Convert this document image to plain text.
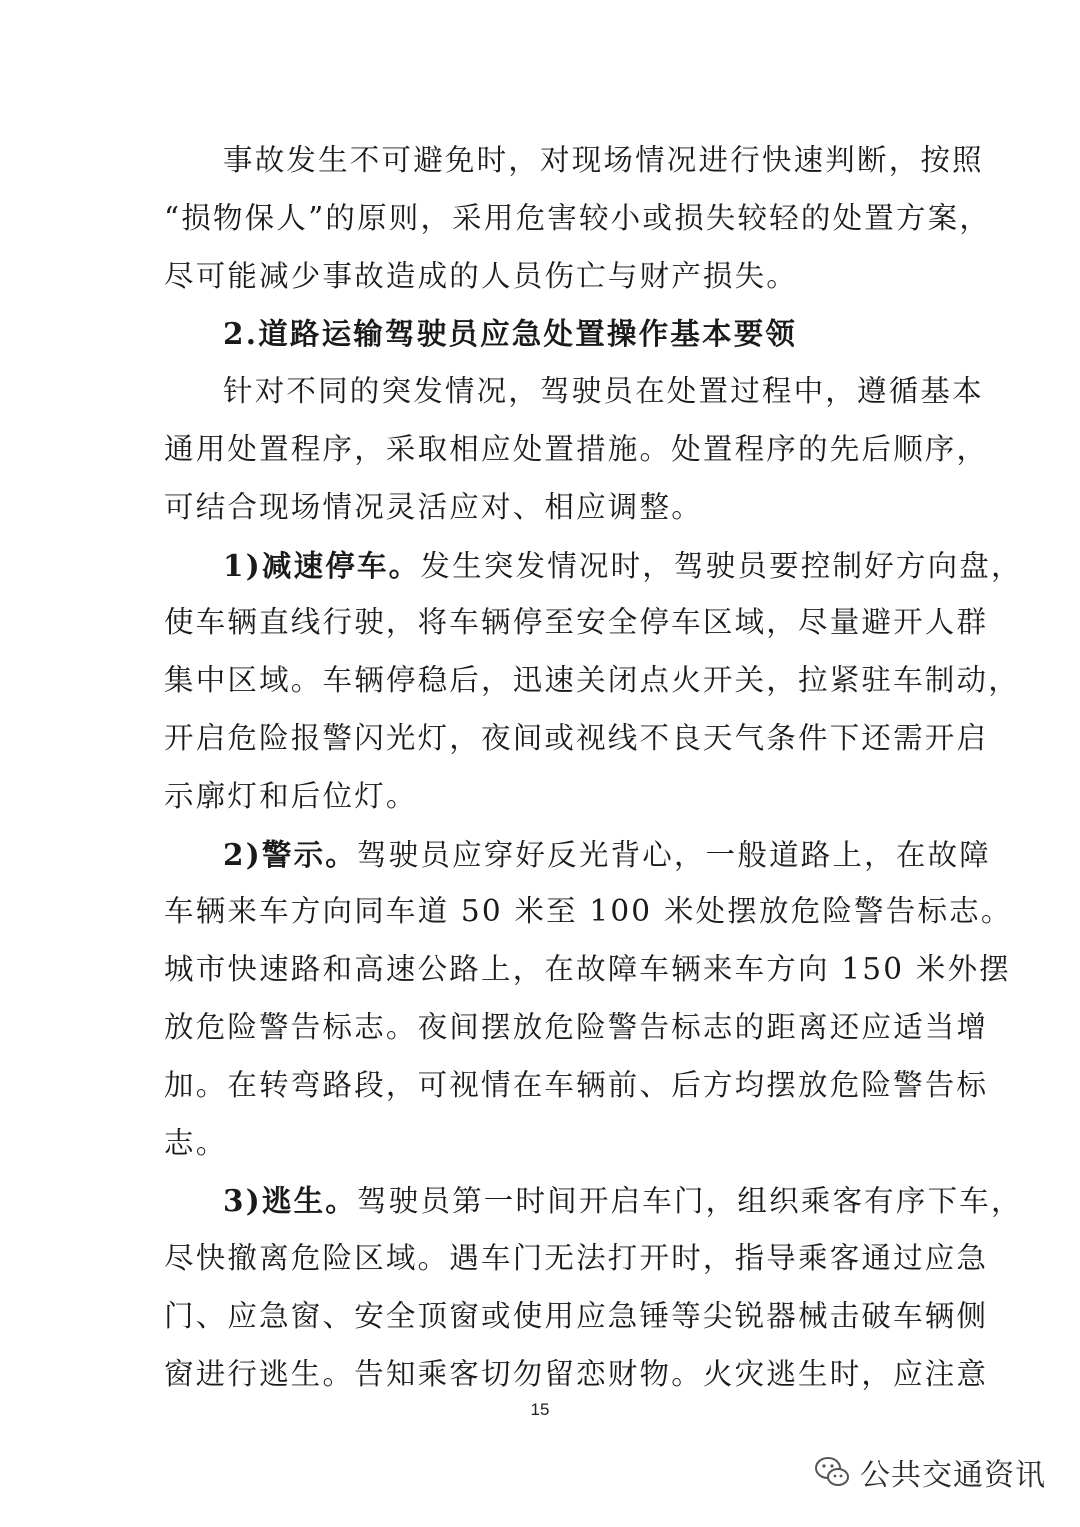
事故发生不可避免时，对现场情况进行快速判断，按照
“损物保人”的原则，采用危害较小或损失较轻的处置方案，
尽可能减少事故造成的人员伤亡与财产损失。
2.道路运输驾驶员应急处置操作基本要领
针对不同的突发情况，驾驶员在处置过程中，遵循基本
通用处置程序，采取相应处置措施。处置程序的先后顺序，
可结合现场情况灵活应对、相应调整。
1)减速停车。发生突发情况时，驾驶员要控制好方向盘，
使车辆直线行驶，将车辆停至安全停车区域，尽量避开人群
集中区域。车辆停稳后，迅速关闭点火开关，拉紧驻车制动，
开启危险报警闪光灯，夜间或视线不良天气条件下还需开启
示廓灯和后位灯。
2)警示。驾驶员应穿好反光背心，一般道路上，在故障
车辆来车方向同车道 50 米至 100 米处摆放危险警告标志。
城市快速路和高速公路上，在故障车辆来车方向 150 米外摆
放危险警告标志。夜间摆放危险警告标志的距离还应适当增
加。在转弯路段，可视情在车辆前、后方均摆放危险警告标
志。
3)逃生。驾驶员第一时间开启车门，组织乘客有序下车，
尽快撤离危险区域。遇车门无法打开时，指导乘客通过应急
门、应急窗、安全顶窗或使用应急锤等尖锐器械击破车辆侧
窗进行逃生。告知乘客切勿留恋财物。火灾逃生时，应注意
15
公共交通资讯
